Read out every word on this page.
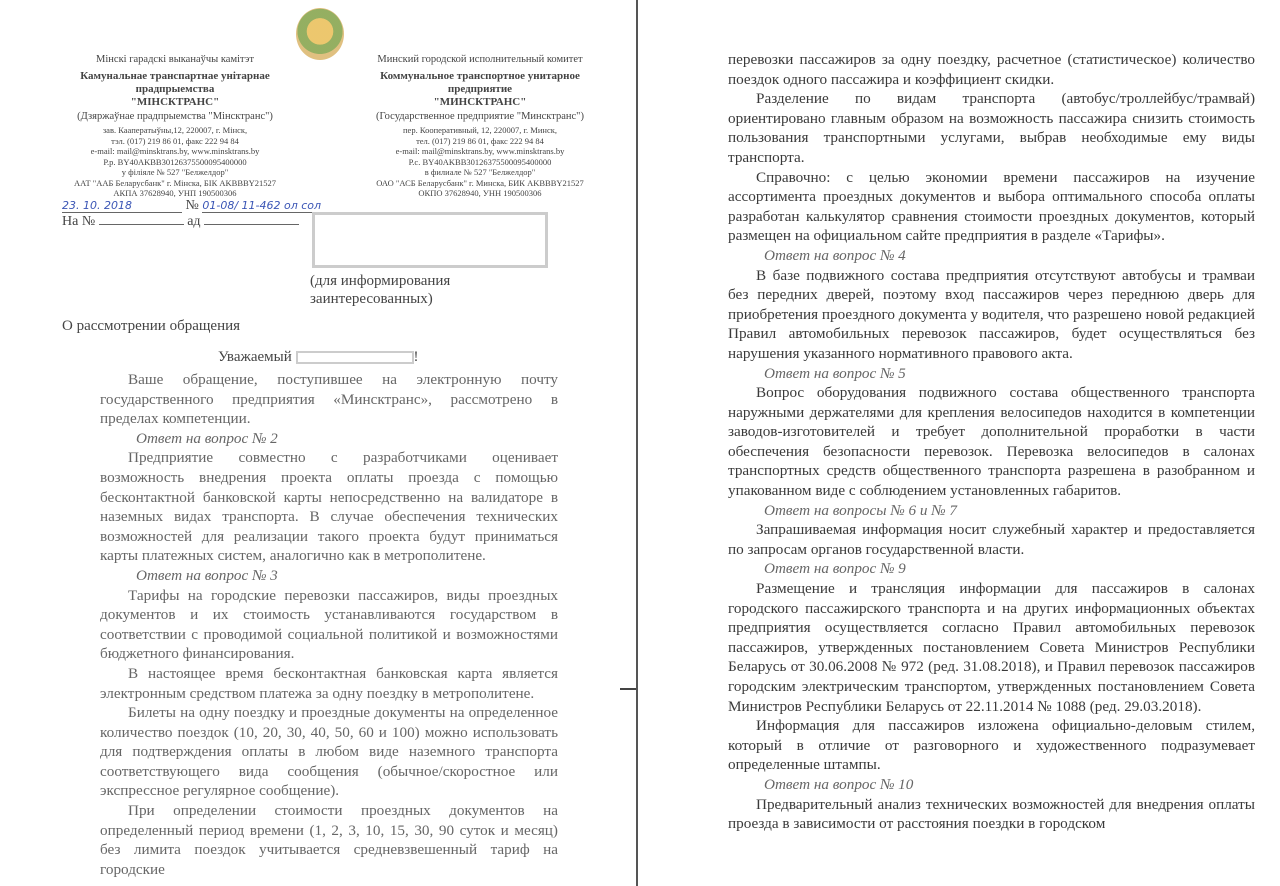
Мінскі гарадскі выканаўчы камітэт
Камунальнае транспартнае унітарнае прадпрыемства
"МІНСКТРАНС"
(Дзяржаўнае прадпрыемства "Мінсктранс")
зав. Кааператыўны,12, 220007, г. Мінск,
тэл. (017) 219 86 01, факс 222 94 84
e-mail: mail@minsktrans.by, www.minsktrans.by
Р.р. BY40AKBB30126375500095400000
у філіяле № 527 "Белжелдор"
ААТ "ААБ Беларусбанк" г. Мінска, БІК AKBBBY21527
АКПА 37628940, УНП 190500306
Минский городской исполнительный комитет
Коммунальное транспортное унитарное предприятие
"МИНСКТРАНС"
(Государственное предприятие "Минсктранс")
пер. Кооперативный, 12, 220007, г. Минск,
тел. (017) 219 86 01, факс 222 94 84
e-mail: mail@minsktrans.by, www.minsktrans.by
Р.с. BY40AKBB30126375500095400000
в филиале № 527 "Белжелдор"
ОАО "АСБ Беларусбанк" г. Минска, БИК AKBBBY21527
ОКПО 37628940, УНН 190500306
23. 10. 2018	№ 01-08/ 11-462 ол сол
На №	ад
(для информирования заинтересованных)
О рассмотрении обращения
Уважаемый	!

Ваше обращение, поступившее на электронную почту государственного предприятия «Минсктранс», рассмотрено в пределах компетенции.

Ответ на вопрос № 2

Предприятие совместно с разработчиками оценивает возможность внедрения проекта оплаты проезда с помощью бесконтактной банковской карты непосредственно на валидаторе в наземных видах транспорта. В случае обеспечения технических возможностей для реализации такого проекта будут приниматься карты платежных систем, аналогично как в метрополитене.

Ответ на вопрос № 3

Тарифы на городские перевозки пассажиров, виды проездных документов и их стоимость устанавливаются государством в соответствии с проводимой социальной политикой и возможностями бюджетного финансирования.

В настоящее время бесконтактная банковская карта является электронным средством платежа за одну поездку в метрополитене.

Билеты на одну поездку и проездные документы на определенное количество поездок (10, 20, 30, 40, 50, 60 и 100) можно использовать для подтверждения оплаты в любом виде наземного транспорта соответствующего вида сообщения (обычное/скоростное или экспрессное регулярное сообщение).

При определении стоимости проездных документов на определенный период времени (1, 2, 3, 10, 15, 30, 90 суток и месяц) без лимита поездок учитывается средневзвешенный тариф на городские

перевозки пассажиров за одну поездку, расчетное (статистическое) количество поездок одного пассажира и коэффициент скидки.

Разделение по видам транспорта (автобус/троллейбус/трамвай) ориентировано главным образом на возможность пассажира снизить стоимость пользования транспортными услугами, выбрав необходимые ему виды транспорта.

Справочно: с целью экономии времени пассажиров на изучение ассортимента проездных документов и выбора оптимального способа оплаты разработан калькулятор сравнения стоимости проездных документов, который размещен на официальном сайте предприятия в разделе «Тарифы».

Ответ на вопрос № 4

В базе подвижного состава предприятия отсутствуют автобусы и трамваи без передних дверей, поэтому вход пассажиров через переднюю дверь для приобретения проездного документа у водителя, что разрешено новой редакцией Правил автомобильных перевозок пассажиров, будет осуществляться без нарушения указанного нормативного правового акта.

Ответ на вопрос № 5

Вопрос оборудования подвижного состава общественного транспорта наружными держателями для крепления велосипедов находится в компетенции заводов-изготовителей и требует дополнительной проработки в части обеспечения безопасности перевозок. Перевозка велосипедов в салонах транспортных средств общественного транспорта разрешена в разобранном и упакованном виде с соблюдением установленных габаритов.

Ответ на вопросы № 6 и № 7

Запрашиваемая информация носит служебный характер и предоставляется по запросам органов государственной власти.

Ответ на вопрос № 9

Размещение и трансляция информации для пассажиров в салонах городского пассажирского транспорта и на других информационных объектах предприятия осуществляется согласно Правил автомобильных перевозок пассажиров, утвержденных постановлением Совета Министров Республики Беларусь от 30.06.2008 № 972 (ред. 31.08.2018), и Правил перевозок пассажиров городским электрическим транспортом, утвержденных постановлением Совета Министров Республики Беларусь от 22.11.2014 № 1088 (ред. 29.03.2018).

Информация для пассажиров изложена официально-деловым стилем, который в отличие от разговорного и художественного подразумевает определенные штампы.

Ответ на вопрос № 10

Предварительный анализ технических возможностей для внедрения оплаты проезда в зависимости от расстояния поездки в городском
